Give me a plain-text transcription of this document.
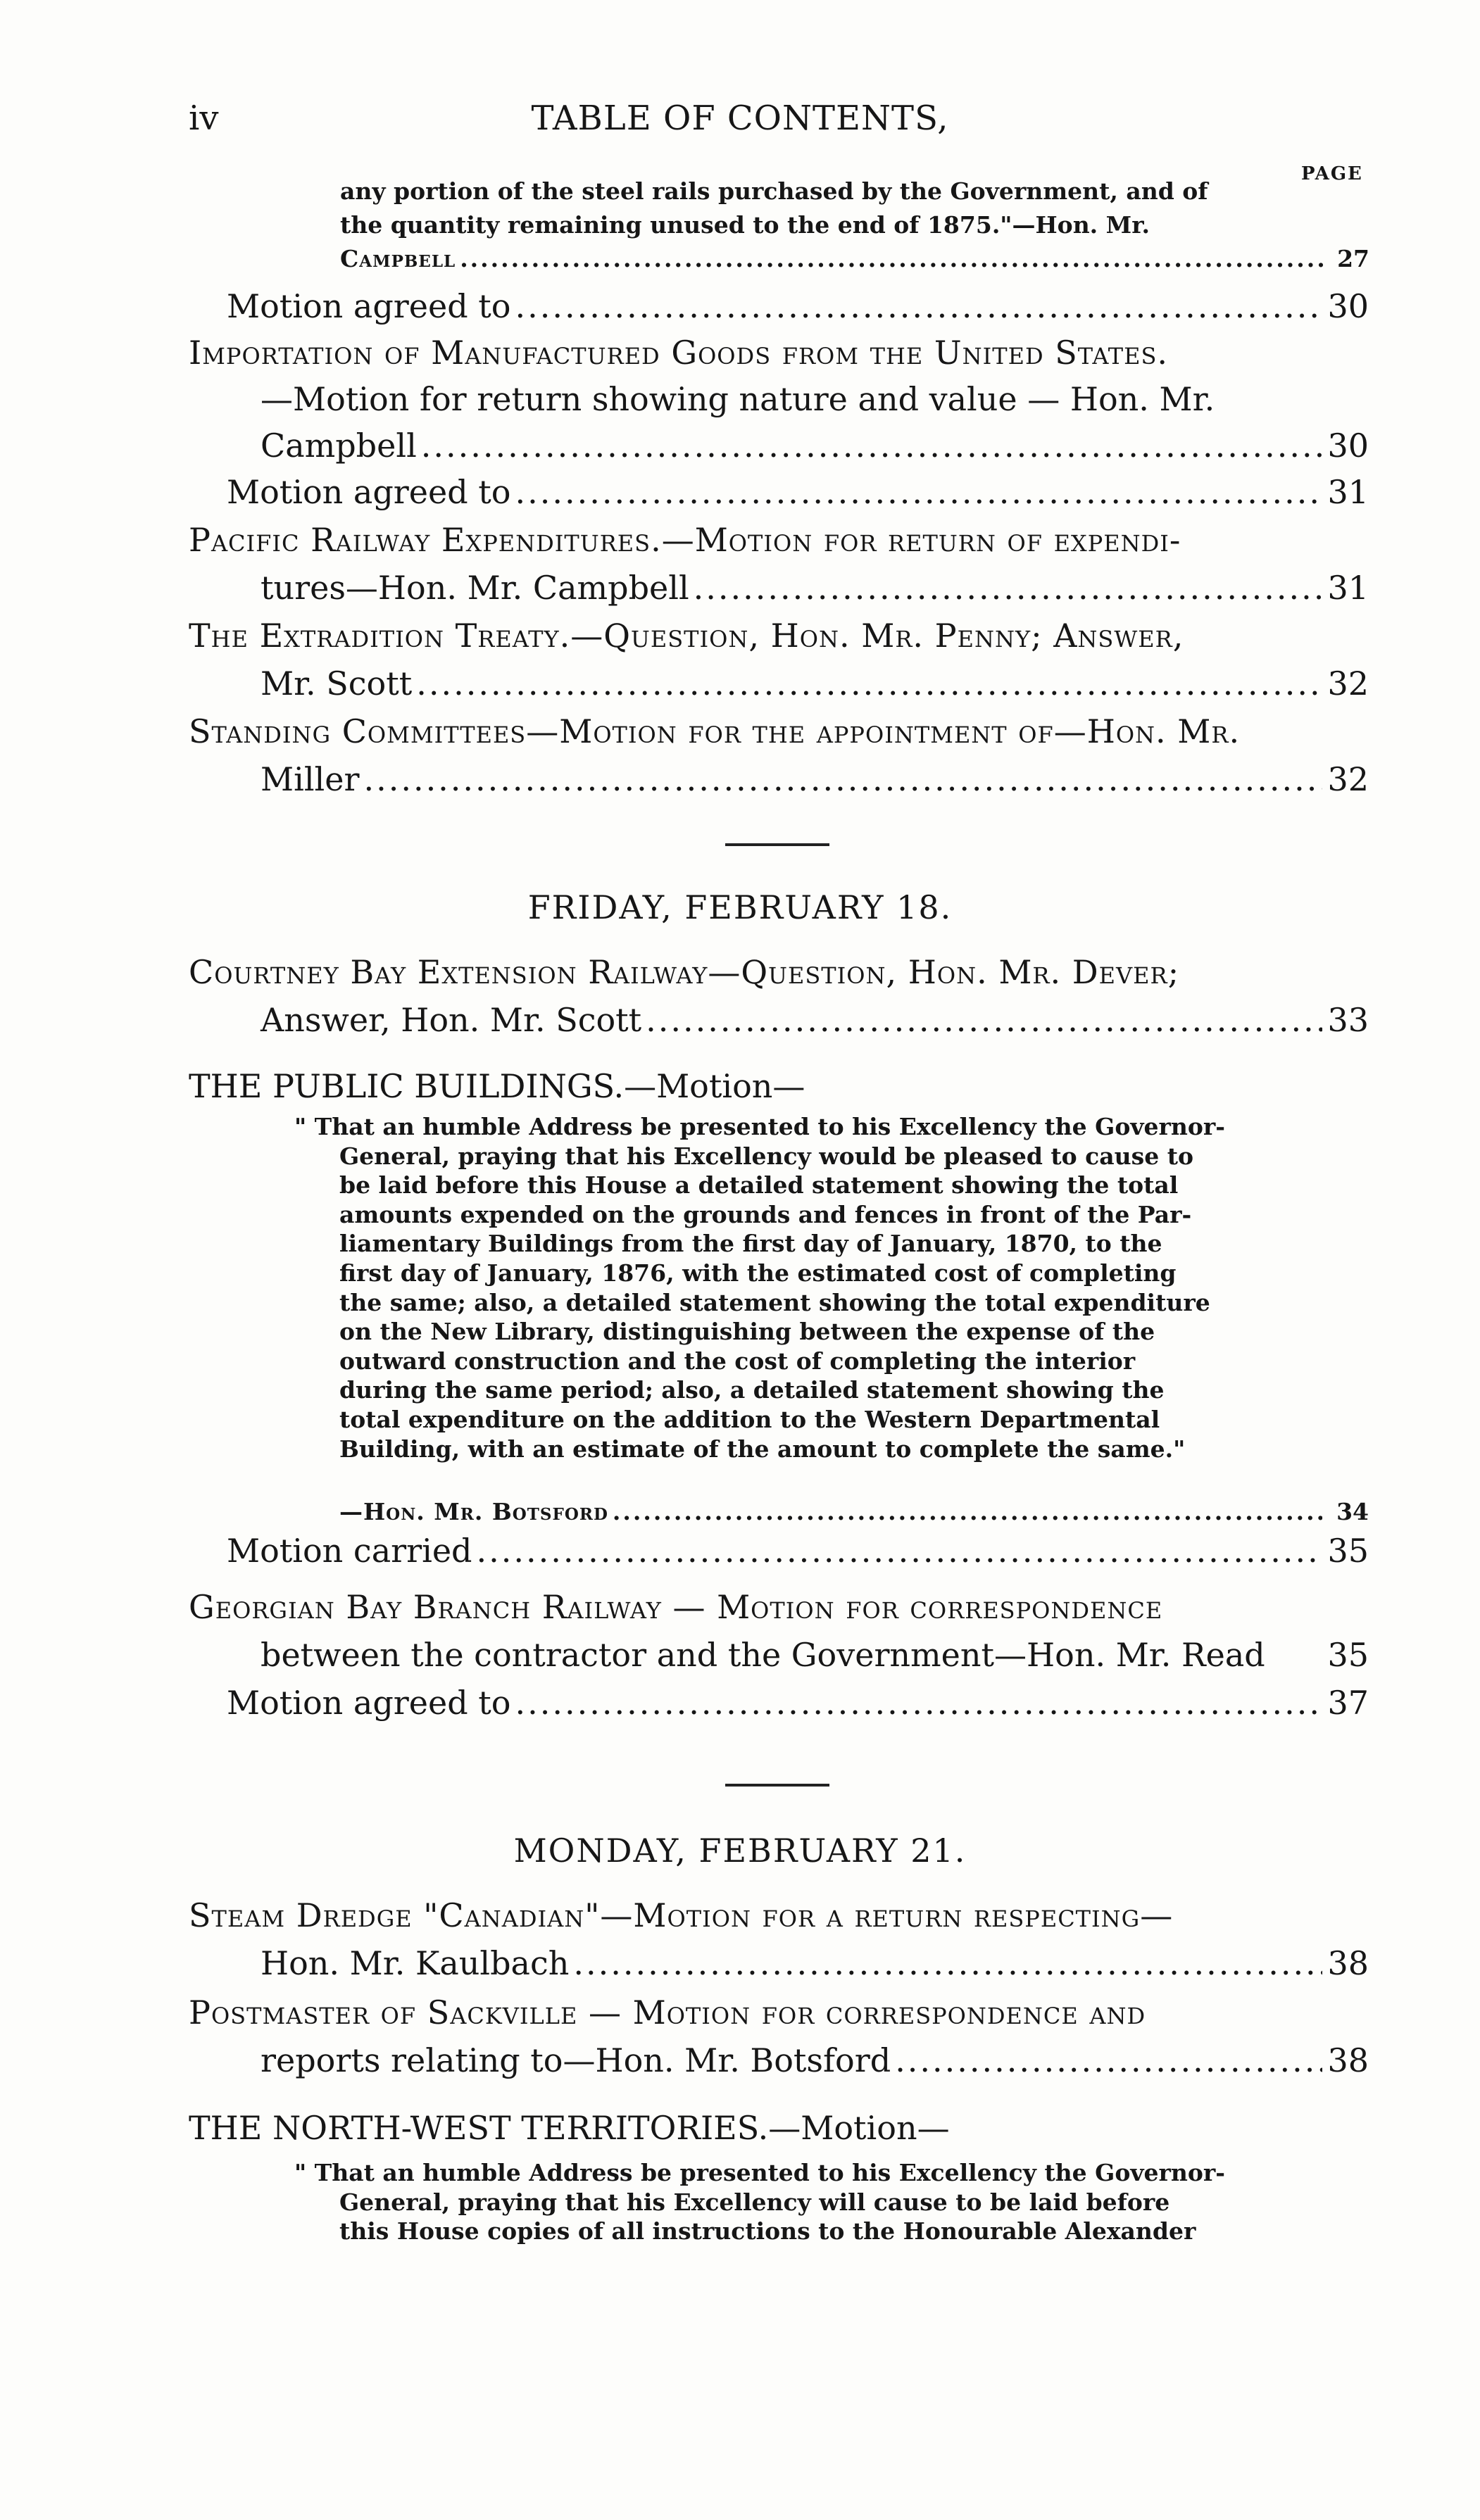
iv	TABLE OF CONTENTS,
PAGE
any portion of the steel rails purchased by the Government, and of
the quantity remaining unused to the end of 1875."—Hon. Mr.
Campbell .....	27
Motion agreed to .....	30
Importation of Manufactured Goods from the United States.
—Motion for return showing nature and value — Hon. Mr.
Campbell .....	30
Motion agreed to .....	31
Pacific Railway Expenditures.—Motion for return of expendi-
tures—Hon. Mr. Campbell .....	31
The Extradition Treaty.—Question, Hon. Mr. Penny; Answer,
Mr. Scott .....	32
Standing Committees—Motion for the appointment of—Hon. Mr.
Miller .....	32
FRIDAY, FEBRUARY 18.
Courtney Bay Extension Railway—Question, Hon. Mr. Dever;
Answer, Hon. Mr. Scott .....	33
THE PUBLIC BUILDINGS.—Motion—
" That an humble Address be presented to his Excellency the Governor-
General, praying that his Excellency would be pleased to cause to
be laid before this House a detailed statement showing the total
amounts expended on the grounds and fences in front of the Par-
liamentary Buildings from the first day of January, 1870, to the
first day of January, 1876, with the estimated cost of completing
the same; also, a detailed statement showing the total expenditure
on the New Library, distinguishing between the expense of the
outward construction and the cost of completing the interior
during the same period; also, a detailed statement showing the
total expenditure on the addition to the Western Departmental
Building, with an estimate of the amount to complete the same."
—Hon. Mr. Botsford .....	34
Motion carried .....	35
Georgian Bay Branch Railway — Motion for correspondence
between the contractor and the Government—Hon. Mr. Read 35
Motion agreed to .....	37
MONDAY, FEBRUARY 21.
Steam Dredge "Canadian"—Motion for a return respecting—
Hon. Mr. Kaulbach .....	38
Postmaster of Sackville — Motion for correspondence and
reports relating to—Hon. Mr. Botsford .....	38
THE NORTH-WEST TERRITORIES.—Motion—
" That an humble Address be presented to his Excellency the Governor-
General, praying that his Excellency will cause to be laid before
this House copies of all instructions to the Honourable Alexander
